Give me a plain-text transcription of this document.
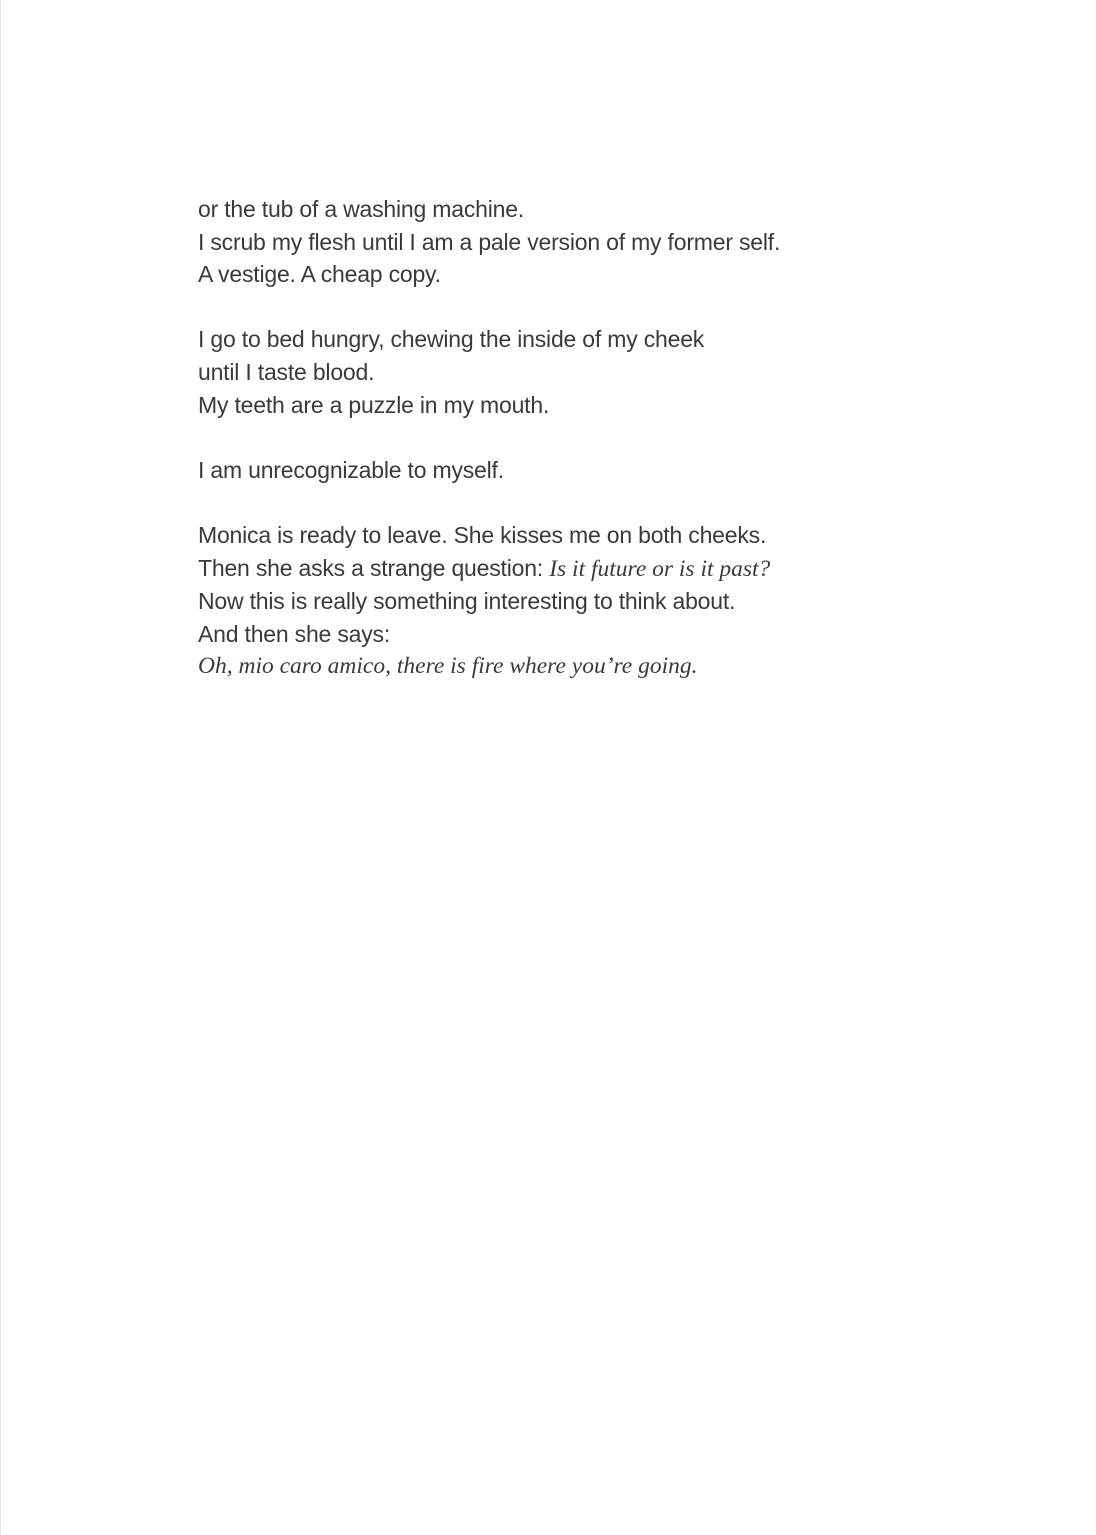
or the tub of a washing machine.
I scrub my flesh until I am a pale version of my former self.
A vestige. A cheap copy.
I go to bed hungry, chewing the inside of my cheek
until I taste blood.
My teeth are a puzzle in my mouth.
I am unrecognizable to myself.
Monica is ready to leave. She kisses me on both cheeks.
Then she asks a strange question: Is it future or is it past?
Now this is really something interesting to think about.
And then she says:
Oh, mio caro amico, there is fire where you’re going.
